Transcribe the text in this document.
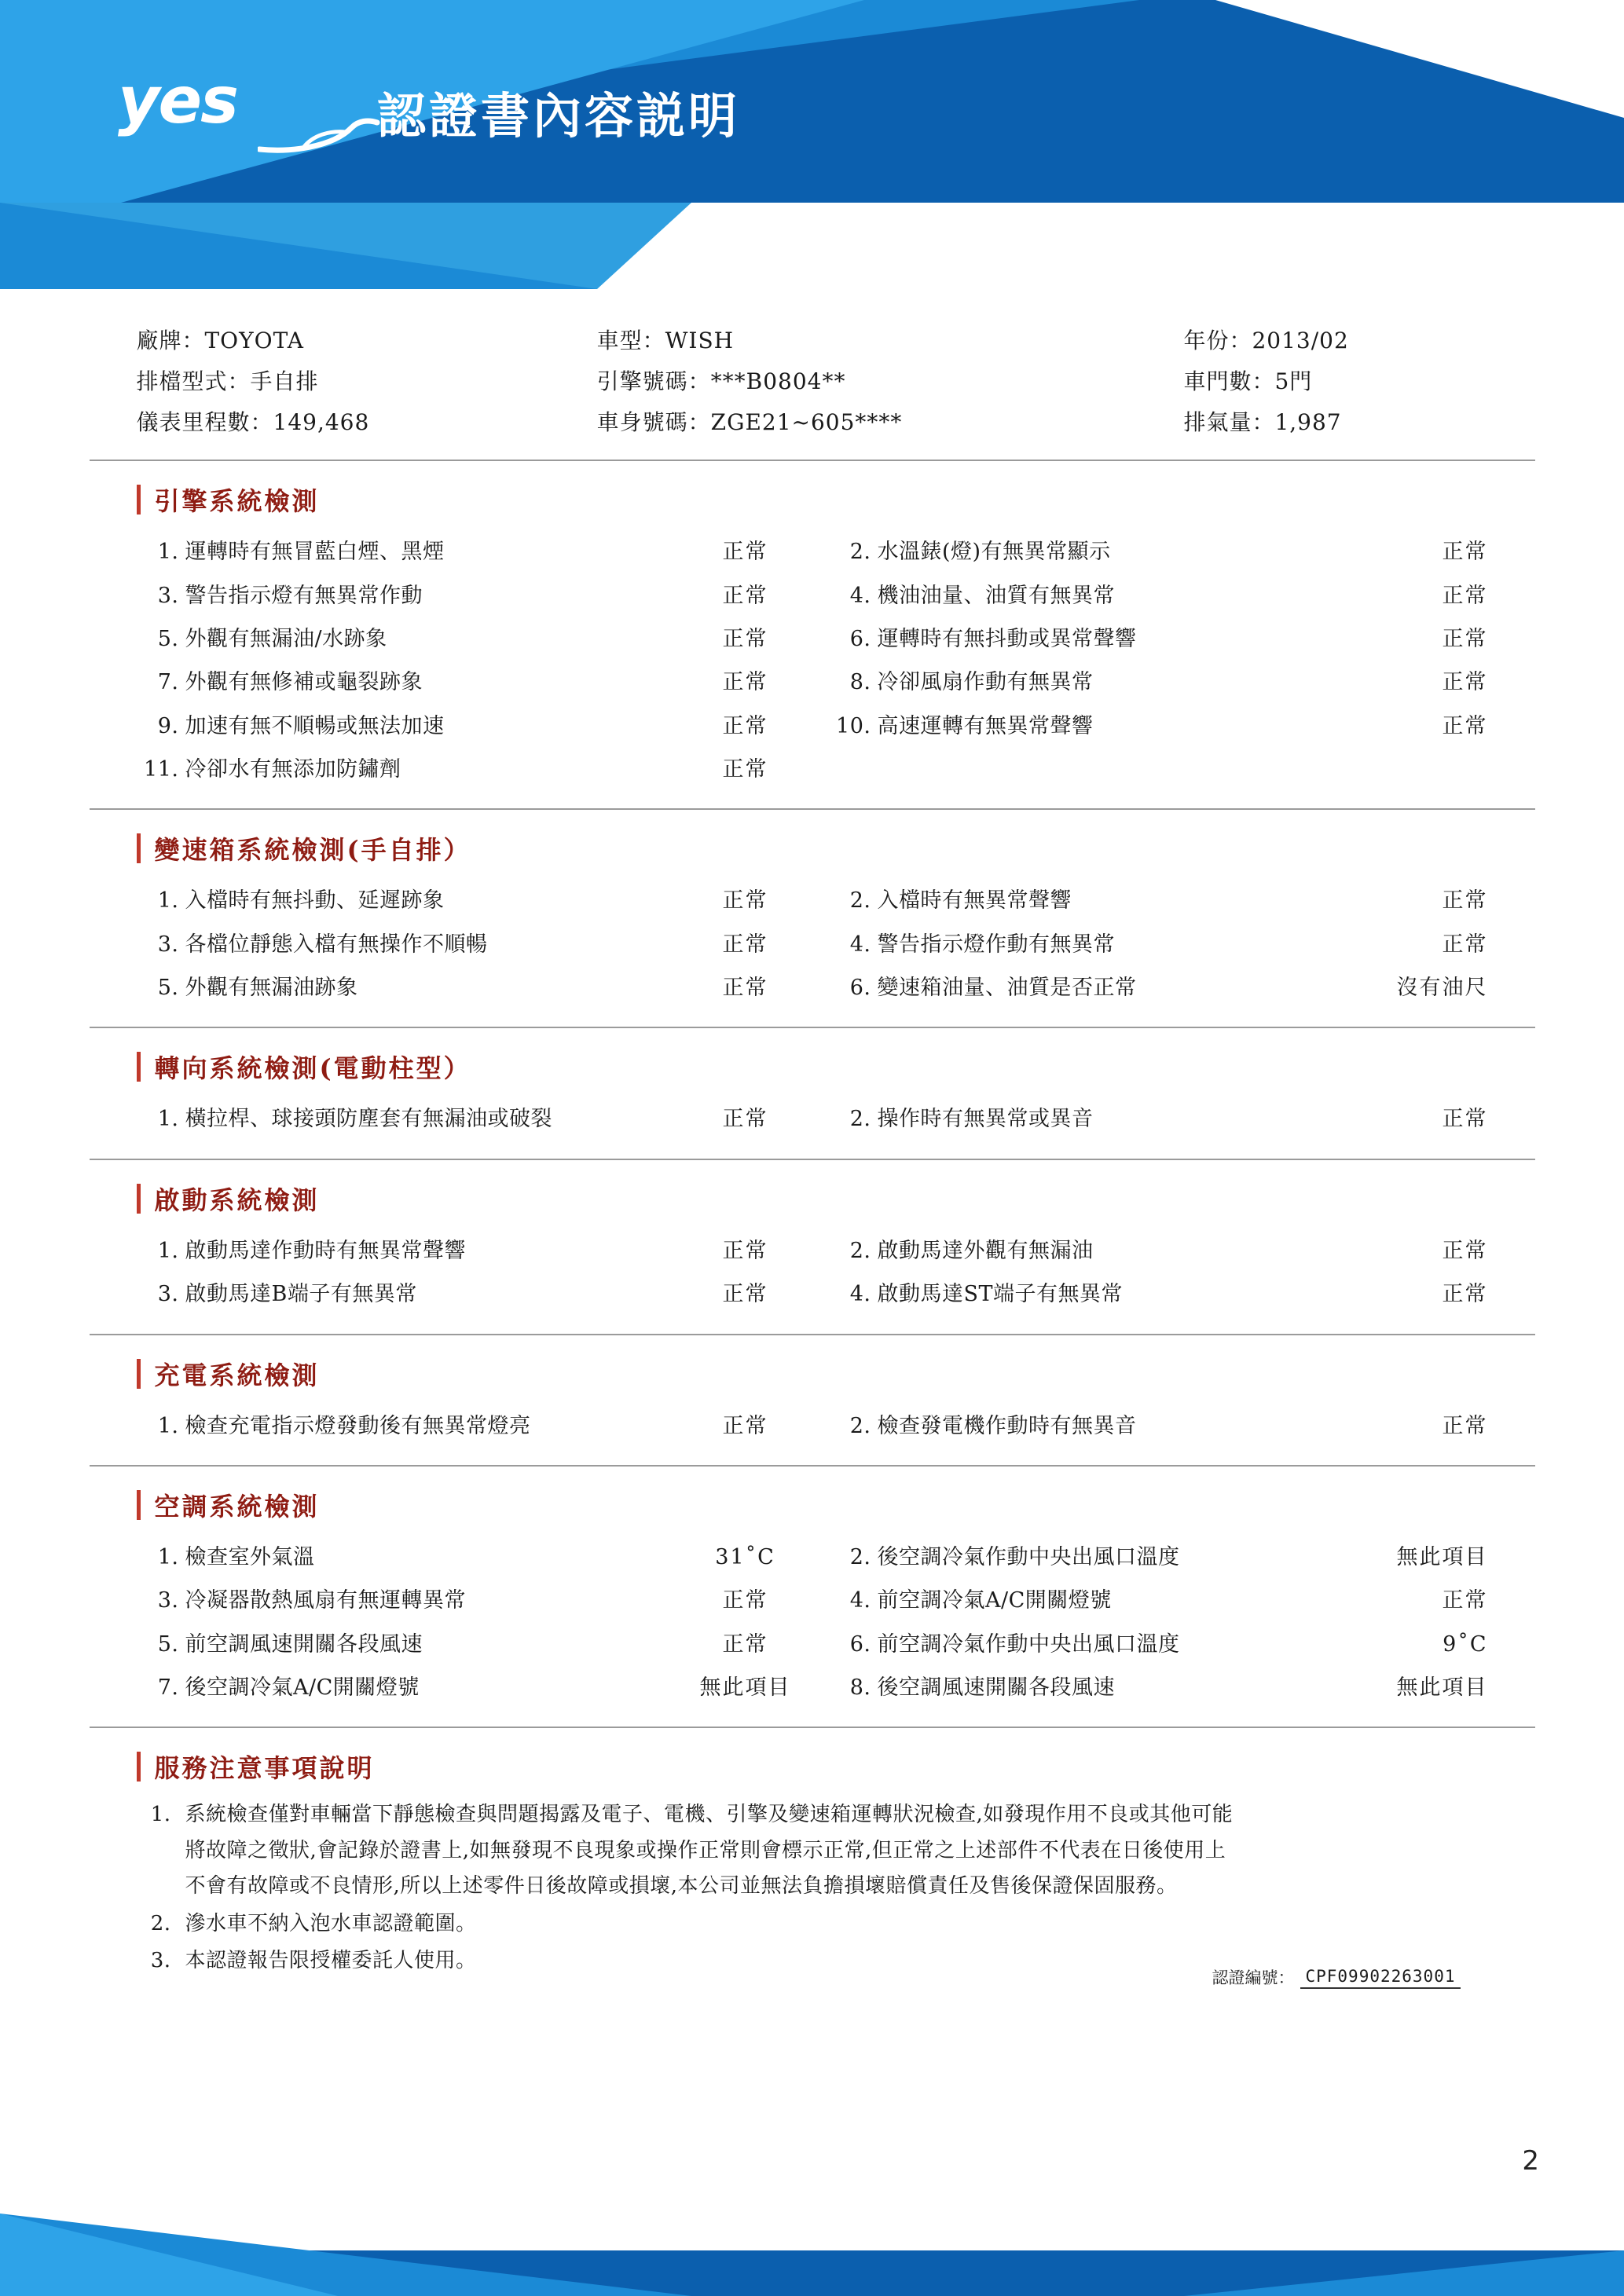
yes	認證書內容説明
廠牌：TOYOTA	車型：WISH	年份：2013/02
排檔型式：手自排	引擎號碼：***B0804**	車門數：5門
儀表里程數：149,468	車身號碼：ZGE21~605****	排氣量：1,987
引擎系統檢測
1. 運轉時有無冒藍白煙、黑煙	正常	2. 水溫錶(燈)有無異常顯示	正常
3. 警告指示燈有無異常作動	正常	4. 機油油量、油質有無異常	正常
5. 外觀有無漏油/水跡象	正常	6. 運轉時有無抖動或異常聲響	正常
7. 外觀有無修補或龜裂跡象	正常	8. 冷卻風扇作動有無異常	正常
9. 加速有無不順暢或無法加速	正常	10. 高速運轉有無異常聲響	正常
11. 冷卻水有無添加防鏽劑	正常
變速箱系統檢測(手自排）
1. 入檔時有無抖動、延遲跡象	正常	2. 入檔時有無異常聲響	正常
3. 各檔位靜態入檔有無操作不順暢	正常	4. 警告指示燈作動有無異常	正常
5. 外觀有無漏油跡象	正常	6. 變速箱油量、油質是否正常	沒有油尺
轉向系統檢測(電動柱型）
1. 橫拉桿、球接頭防塵套有無漏油或破裂	正常	2. 操作時有無異常或異音	正常
啟動系統檢測
1. 啟動馬達作動時有無異常聲響	正常	2. 啟動馬達外觀有無漏油	正常
3. 啟動馬達B端子有無異常	正常	4. 啟動馬達ST端子有無異常	正常
充電系統檢測
1. 檢查充電指示燈發動後有無異常燈亮	正常	2. 檢查發電機作動時有無異音	正常
空調系統檢測
1. 檢查室外氣溫	31˚C	2. 後空調冷氣作動中央出風口溫度	無此項目
3. 冷凝器散熱風扇有無運轉異常	正常	4. 前空調冷氣A/C開關燈號	正常
5. 前空調風速開關各段風速	正常	6. 前空調冷氣作動中央出風口溫度	9˚C
7. 後空調冷氣A/C開關燈號	無此項目	8. 後空調風速開關各段風速	無此項目
服務注意事項說明
1. 系統檢查僅對車輛當下靜態檢查與問題揭露及電子、電機、引擎及變速箱運轉狀況檢查,如發現作用不良或其他可能

將故障之徵狀,會記錄於證書上,如無發現不良現象或操作正常則會標示正常,但正常之上述部件不代表在日後使用上

不會有故障或不良情形,所以上述零件日後故障或損壞,本公司並無法負擔損壞賠償責任及售後保證保固服務。

2. 滲水車不納入泡水車認證範圍。

3. 本認證報告限授權委託人使用。

認證編號： CPF09902263001
2
